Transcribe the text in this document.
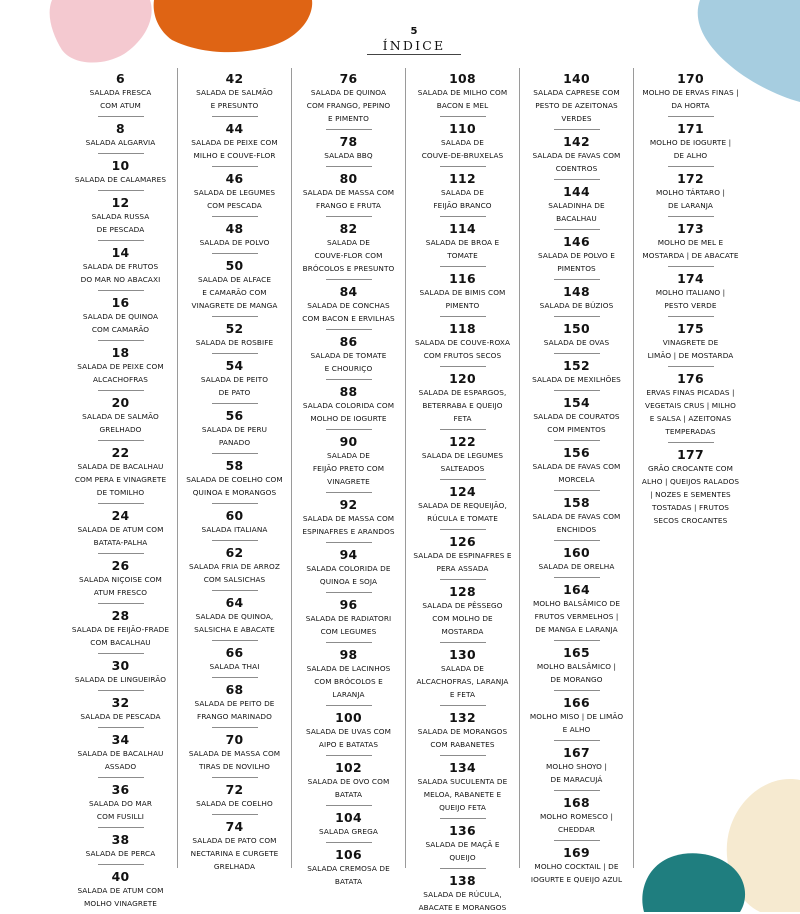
5
ÍNDICE
6
SALADA FRESCA
COM ATUM
8
SALADA ALGARVIA
10
SALADA DE CALAMARES
12
SALADA RUSSA
DE PESCADA
14
SALADA DE FRUTOS
DO MAR NO ABACAXI
16
SALADA DE QUINOA
COM CAMARÃO
18
SALADA DE PEIXE COM
ALCACHOFRAS
20
SALADA DE SALMÃO
GRELHADO
22
SALADA DE BACALHAU
COM PERA E VINAGRETE
DE TOMILHO
24
SALADA DE ATUM COM
BATATA-PALHA
26
SALADA NIÇOISE COM
ATUM FRESCO
28
SALADA DE FEIJÃO-FRADE
COM BACALHAU
30
SALADA DE LINGUEIRÃO
32
SALADA DE PESCADA
34
SALADA DE BACALHAU
ASSADO
36
SALADA DO MAR
COM FUSILLI
38
SALADA DE PERCA
40
SALADA DE ATUM COM
MOLHO VINAGRETE
42
SALADA DE SALMÃO
E PRESUNTO
44
SALADA DE PEIXE COM
MILHO E COUVE-FLOR
46
SALADA DE LEGUMES
COM PESCADA
48
SALADA DE POLVO
50
SALADA DE ALFACE
E CAMARÃO COM
VINAGRETE DE MANGA
52
SALADA DE ROSBIFE
54
SALADA DE PEITO
DE PATO
56
SALADA DE PERU
PANADO
58
SALADA DE COELHO COM
QUINOA E MORANGOS
60
SALADA ITALIANA
62
SALADA FRIA DE ARROZ
COM SALSICHAS
64
SALADA DE QUINOA,
SALSICHA E ABACATE
66
SALADA THAI
68
SALADA DE PEITO DE
FRANGO MARINADO
70
SALADA DE MASSA COM
TIRAS DE NOVILHO
72
SALADA DE COELHO
74
SALADA DE PATO COM
NECTARINA E CURGETE
GRELHADA
76
SALADA DE QUINOA
COM FRANGO, PEPINO
E PIMENTO
78
SALADA BBQ
80
SALADA DE MASSA COM
FRANGO E FRUTA
82
SALADA DE
COUVE-FLOR COM
BRÓCOLOS E PRESUNTO
84
SALADA DE CONCHAS
COM BACON E ERVILHAS
86
SALADA DE TOMATE
E CHOURIÇO
88
SALADA COLORIDA COM
MOLHO DE IOGURTE
90
SALADA DE
FEIJÃO PRETO COM
VINAGRETE
92
SALADA DE MASSA COM
ESPINAFRES E ARANDOS
94
SALADA COLORIDA DE
QUINOA E SOJA
96
SALADA DE RADIATORI
COM LEGUMES
98
SALADA DE LACINHOS
COM BRÓCOLOS E
LARANJA
100
SALADA DE UVAS COM
AIPO E BATATAS
102
SALADA DE OVO COM
BATATA
104
SALADA GREGA
106
SALADA CREMOSA DE
BATATA
108
SALADA DE MILHO COM
BACON E MEL
110
SALADA DE
COUVE-DE-BRUXELAS
112
SALADA DE
FEIJÃO BRANCO
114
SALADA DE BROA E
TOMATE
116
SALADA DE BIMIS COM
PIMENTO
118
SALADA DE COUVE-ROXA
COM FRUTOS SECOS
120
SALADA DE ESPARGOS,
BETERRABA E QUEIJO
FETA
122
SALADA DE LEGUMES
SALTEADOS
124
SALADA DE REQUEIJÃO,
RÚCULA E TOMATE
126
SALADA DE ESPINAFRES E
PERA ASSADA
128
SALADA DE PÊSSEGO
COM MOLHO DE
MOSTARDA
130
SALADA DE
ALCACHOFRAS, LARANJA
E FETA
132
SALADA DE MORANGOS
COM RABANETES
134
SALADA SUCULENTA DE
MELOA, RABANETE E
QUEIJO FETA
136
SALADA DE MAÇÃ E
QUEIJO
138
SALADA DE RÚCULA,
ABACATE E MORANGOS
140
SALADA CAPRESE COM
PESTO DE AZEITONAS
VERDES
142
SALADA DE FAVAS COM
COENTROS
144
SALADINHA DE
BACALHAU
146
SALADA DE POLVO E
PIMENTOS
148
SALADA DE BÚZIOS
150
SALADA DE OVAS
152
SALADA DE MEXILHÕES
154
SALADA DE COURATOS
COM PIMENTOS
156
SALADA DE FAVAS COM
MORCELA
158
SALADA DE FAVAS COM
ENCHIDOS
160
SALADA DE ORELHA
164
MOLHO BALSÂMICO DE
FRUTOS VERMELHOS |
DE MANGA E LARANJA
165
MOLHO BALSÂMICO |
DE MORANGO
166
MOLHO MISO | DE LIMÃO
E ALHO
167
MOLHO SHOYO |
DE MARACUJÁ
168
MOLHO ROMESCO |
CHEDDAR
169
MOLHO COCKTAIL | DE
IOGURTE E QUEIJO AZUL
170
MOLHO DE ERVAS FINAS |
DA HORTA
171
MOLHO DE IOGURTE |
DE ALHO
172
MOLHO TÁRTARO |
DE LARANJA
173
MOLHO DE MEL E
MOSTARDA | DE ABACATE
174
MOLHO ITALIANO |
PESTO VERDE
175
VINAGRETE DE
LIMÃO | DE MOSTARDA
176
ERVAS FINAS PICADAS |
VEGETAIS CRUS | MILHO
E SALSA | AZEITONAS
TEMPERADAS
177
GRÃO CROCANTE COM
ALHO | QUEIJOS RALADOS
| NOZES E SEMENTES
TOSTADAS | FRUTOS
SECOS CROCANTES
